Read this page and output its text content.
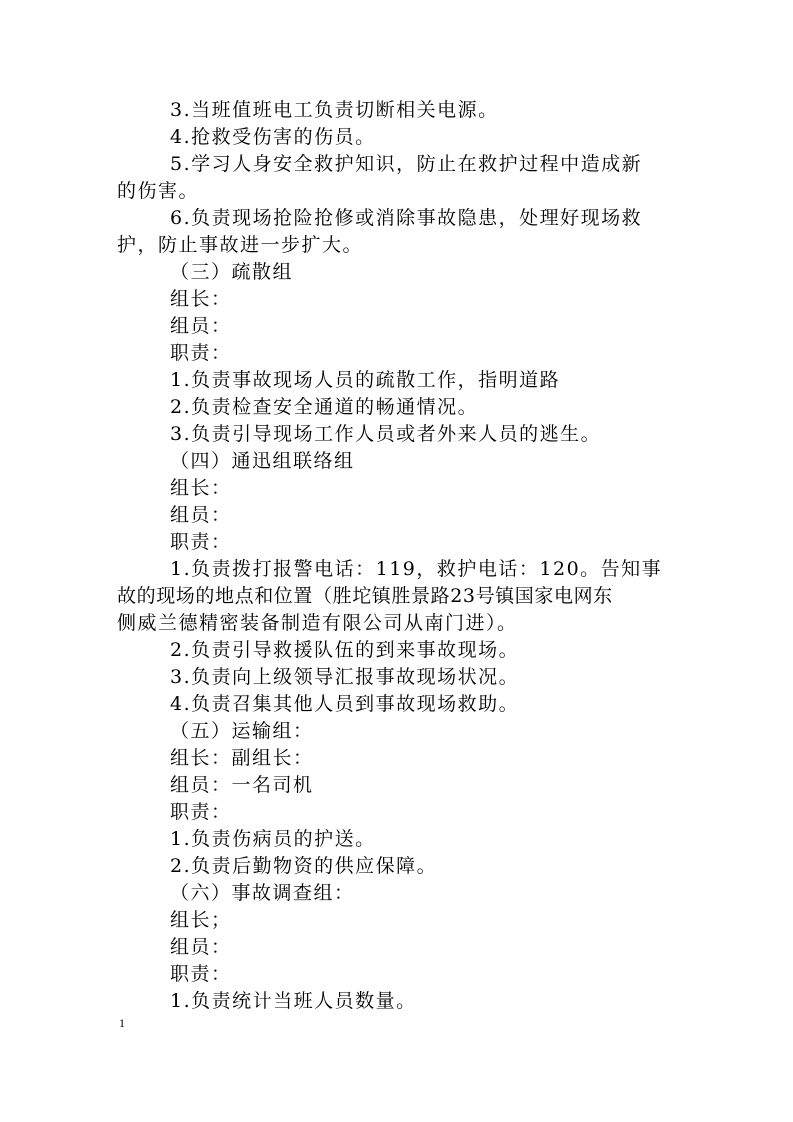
3.当班值班电工负责切断相关电源。
4.抢救受伤害的伤员。
5.学习人身安全救护知识，防止在救护过程中造成新
的伤害。
6.负责现场抢险抢修或消除事故隐患，处理好现场救
护，防止事故进一步扩大。
（三）疏散组
组长：
组员：
职责：
1.负责事故现场人员的疏散工作，指明道路
2.负责检查安全通道的畅通情况。
3.负责引导现场工作人员或者外来人员的逃生。
（四）通迅组联络组
组长：
组员：
职责：
1.负责拨打报警电话：119，救护电话：120。告知事
故的现场的地点和位置（胜坨镇胜景路23号镇国家电网东
侧威兰德精密装备制造有限公司从南门进）。
2.负责引导救援队伍的到来事故现场。
3.负责向上级领导汇报事故现场状况。
4.负责召集其他人员到事故现场救助。
（五）运输组：
组长：副组长：
组员：一名司机
职责：
1.负责伤病员的护送。
2.负责后勤物资的供应保障。
（六）事故调查组：
组长；
组员：
职责：
1.负责统计当班人员数量。
1
